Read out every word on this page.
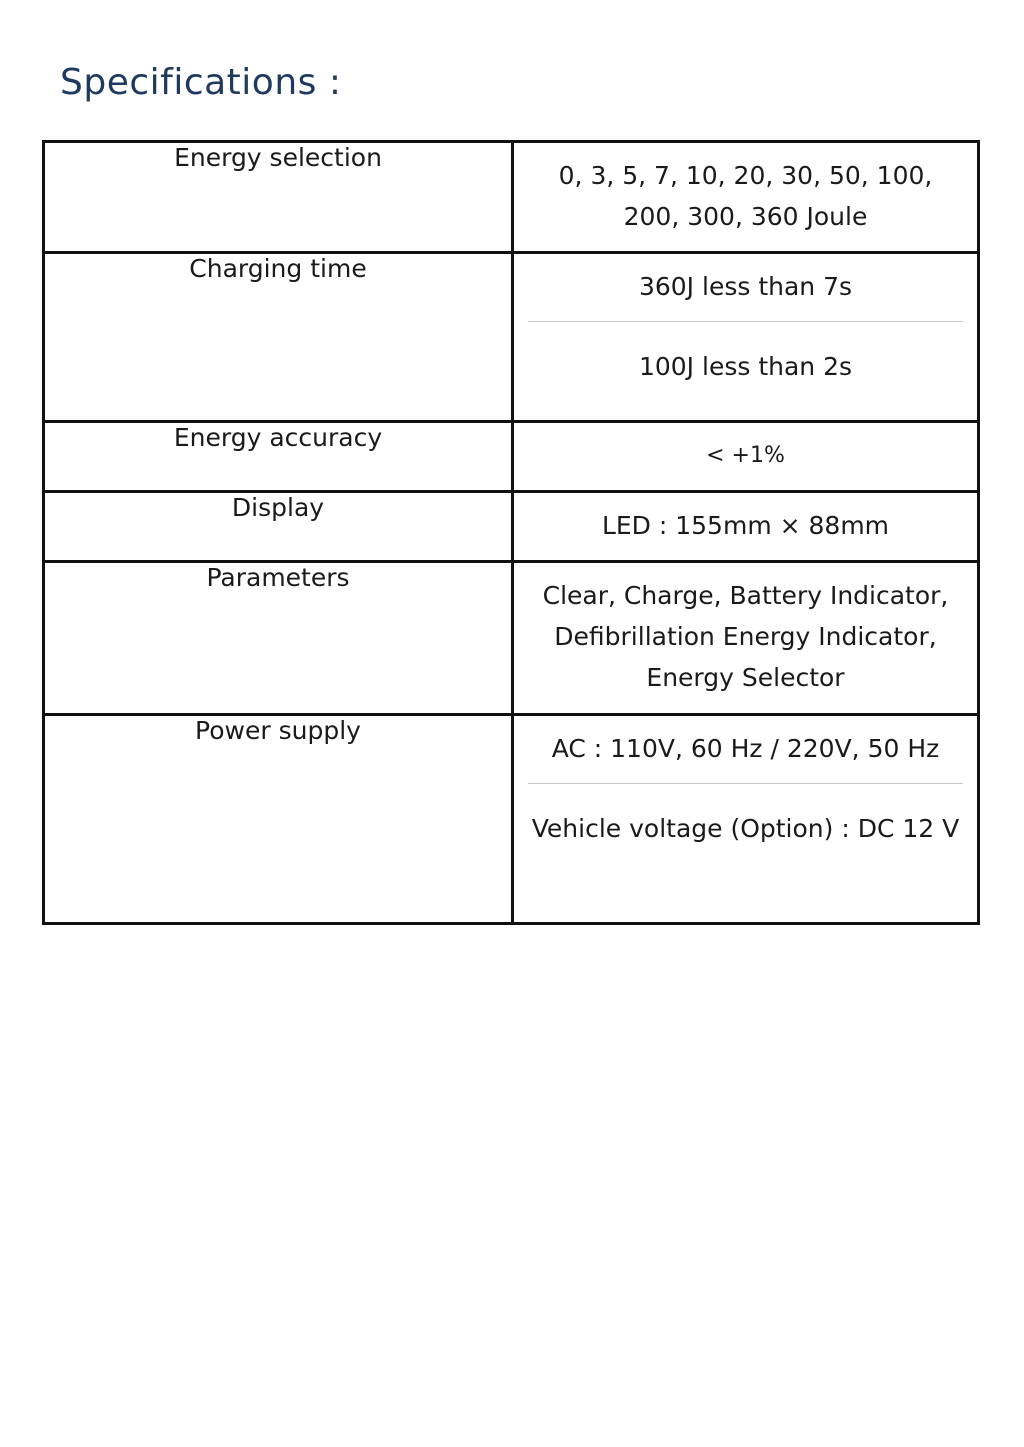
Specifications :
Energy selection	0, 3, 5, 7, 10, 20, 30, 50, 100, 200, 300, 360 Joule

Charging time	360J less than 7s
100J less than 2s

Energy accuracy	< +1%

Display	LED : 155mm × 88mm

Parameters	Clear, Charge, Battery Indicator, Defibrillation Energy Indicator, Energy Selector

Power supply	AC : 110V, 60 Hz / 220V, 50 Hz
Vehicle voltage (Option) : DC 12 V
